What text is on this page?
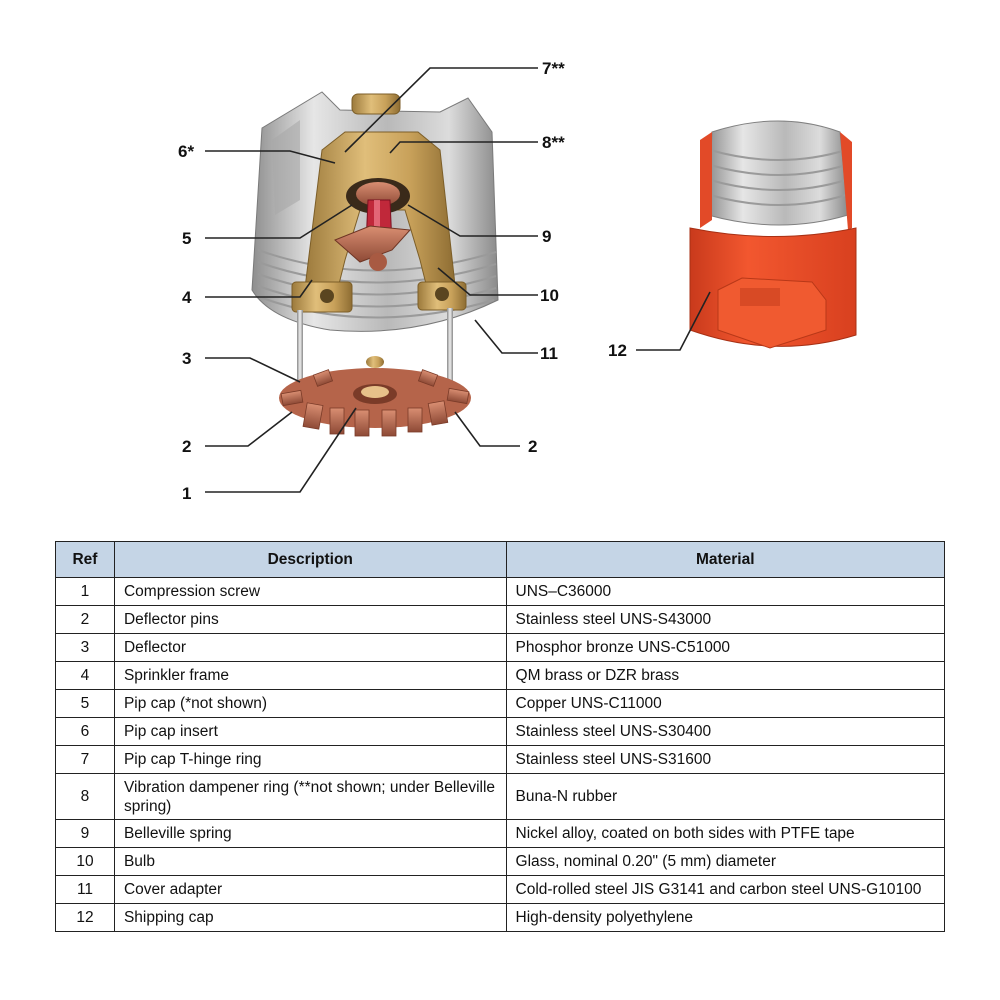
1
2	2
3
4
5
6*
7**
8**
9
10
11	12
Ref	Description	Material
1	Compression screw	UNS–C36000
2	Deflector pins	Stainless steel UNS-S43000
3	Deflector	Phosphor bronze UNS-C51000
4	Sprinkler frame	QM brass or DZR brass
5	Pip cap (*not shown)	Copper UNS-C11000
6	Pip cap insert	Stainless steel UNS-S30400
7	Pip cap T-hinge ring	Stainless steel UNS-S31600
8	Vibration dampener ring (**not shown; under Belleville spring)	Buna-N rubber
9	Belleville spring	Nickel alloy, coated on both sides with PTFE tape
10	Bulb	Glass, nominal 0.20" (5 mm) diameter
11	Cover adapter	Cold-rolled steel JIS G3141 and carbon steel UNS-G10100
12	Shipping cap	High-density polyethylene
